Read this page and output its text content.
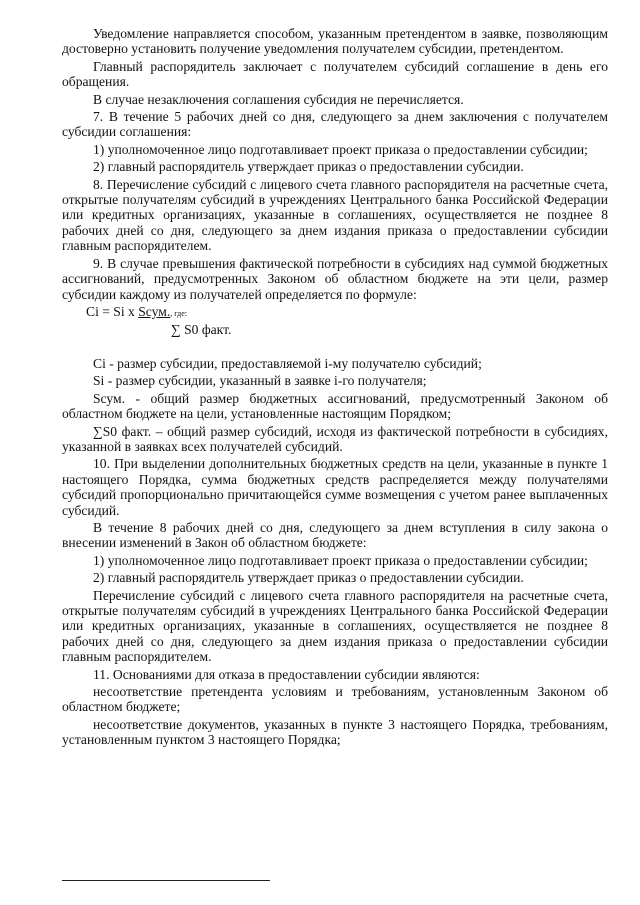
Уведомление направляется способом, указанным претендентом в заявке, позволяющим достоверно установить получение уведомления получателем субсидии, претендентом.

Главный распорядитель заключает с получателем субсидий соглашение в день его обращения.

В случае незаключения соглашения субсидия не перечисляется.

7. В течение 5 рабочих дней со дня, следующего за днем заключения с получателем субсидии соглашения:

1) уполномоченное лицо подготавливает проект приказа о предоставлении субсидии;

2) главный распорядитель утверждает приказ о предоставлении субсидии.

8. Перечисление субсидий с лицевого счета главного распорядителя на расчетные счета, открытые получателям субсидий в учреждениях Центрального банка Российской Федерации или кредитных организациях, указанные в соглашениях, осуществляется не позднее 8 рабочих дней со дня, следующего за днем издания приказа о предоставлении субсидии главным распорядителем.

9. В случае превышения фактической потребности в субсидиях над суммой бюджетных ассигнований, предусмотренных Законом об областном бюджете на эти цели, размер субсидии каждому из получателей определяется по формуле:

Ci = Si x Sсум., где:
∑ S0 факт.

Ci - размер субсидии, предоставляемой i-му получателю субсидий;

Si - размер субсидии, указанный в заявке i-го получателя;

Sсум. - общий размер бюджетных ассигнований, предусмотренный Законом об областном бюджете на цели, установленные настоящим Порядком;

∑S0 факт. – общий размер субсидий, исходя из фактической потребности в субсидиях, указанной в заявках всех получателей субсидий.

10. При выделении дополнительных бюджетных средств на цели, указанные в пункте 1 настоящего Порядка, сумма бюджетных средств распределяется между получателями субсидий пропорционально причитающейся сумме возмещения с учетом ранее выплаченных субсидий.

В течение 8 рабочих дней со дня, следующего за днем вступления в силу закона о внесении изменений в Закон об областном бюджете:

1) уполномоченное лицо подготавливает проект приказа о предоставлении субсидии;

2) главный распорядитель утверждает приказ о предоставлении субсидии.

Перечисление субсидий с лицевого счета главного распорядителя на расчетные счета, открытые получателям субсидий в учреждениях Центрального банка Российской Федерации или кредитных организациях, указанные в соглашениях, осуществляется не позднее 8 рабочих дней со дня, следующего за днем издания приказа о предоставлении субсидии главным распорядителем.

11. Основаниями для отказа в предоставлении субсидии являются:

несоответствие претендента условиям и требованиям, установленным Законом об областном бюджете;

несоответствие документов, указанных в пункте 3 настоящего Порядка, требованиям, установленным пунктом 3 настоящего Порядка;
